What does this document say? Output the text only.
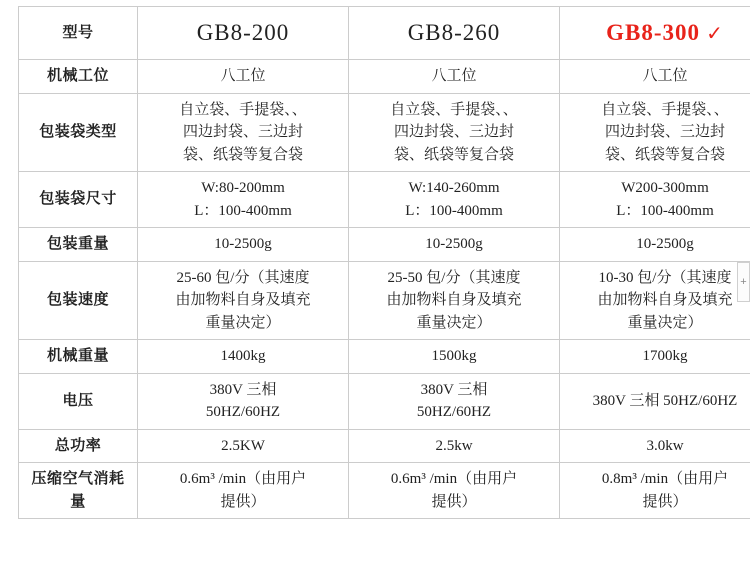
型号	GB8-200	GB8-260	GB8-300 ✓
机械工位	八工位	八工位	八工位

包装袋类型	自立袋、手提袋、、
四边封袋、三边封
袋、纸袋等复合袋	自立袋、手提袋、、
四边封袋、三边封
袋、纸袋等复合袋	自立袋、手提袋、、
四边封袋、三边封
袋、纸袋等复合袋

包装袋尺寸	W:80-200mm
L：100-400mm	W:140-260mm
L：100-400mm	W200-300mm
L：100-400mm

包装重量	10-2500g	10-2500g	10-2500g

包装速度	25-60 包/分（其速度
由加物料自身及填充
重量决定）	25-50 包/分（其速度
由加物料自身及填充
重量决定）	10-30 包/分（其速度
由加物料自身及填充
重量决定）

机械重量	1400kg	1500kg	1700kg

电压	380V 三相
50HZ/60HZ	380V 三相
50HZ/60HZ	380V 三相 50HZ/60HZ

总功率	2.5KW	2.5kw	3.0kw

压缩空气消耗量	0.6m³ /min（由用户
提供）	0.6m³ /min（由用户
提供）	0.8m³ /min（由用户
提供）
+
